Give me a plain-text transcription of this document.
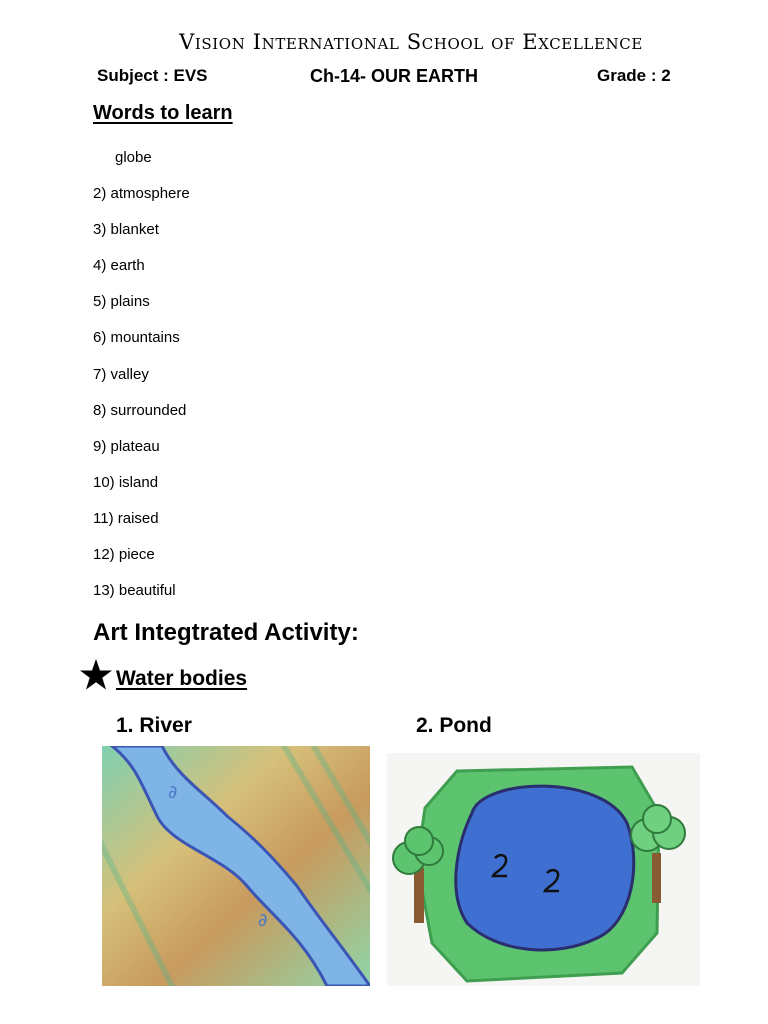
Vision International School of Excellence
Subject : EVS	Ch-14- OUR EARTH	Grade : 2
Words to learn
globe
2) atmosphere
3) blanket
4) earth
5) plains
6) mountains
7) valley
8) surrounded
9) plateau
10) island
11) raised
12) piece
13) beautiful
Art Integtrated Activity:
Water bodies
1. River	2. Pond
∂
∂
